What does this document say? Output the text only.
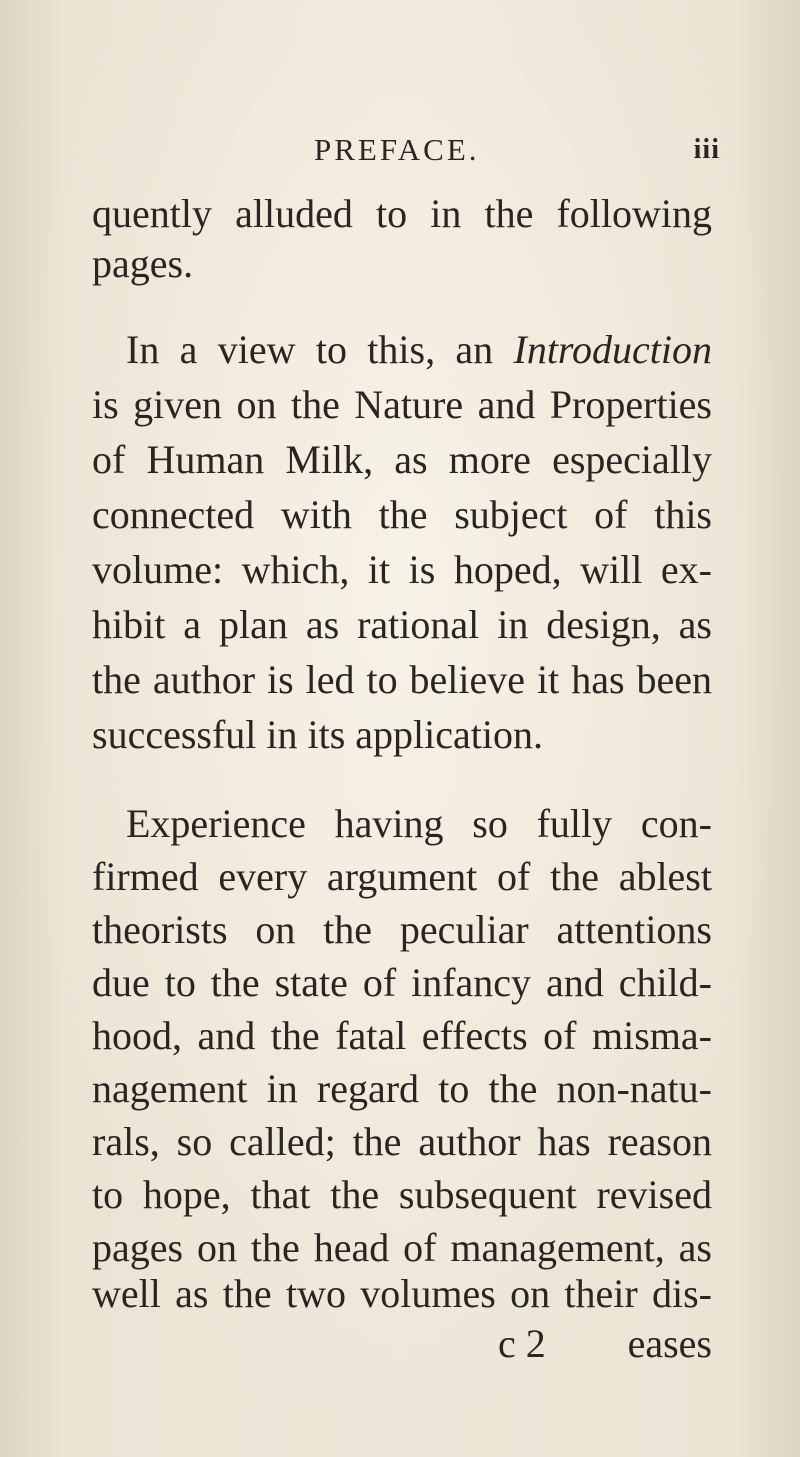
PREFACE.	iii
quently alluded to in the following
pages.
In a view to this, an Introduction
is given on the Nature and Properties
of Human Milk, as more especially
connected with the subject of this
volume: which, it is hoped, will ex-
hibit a plan as rational in design, as
the author is led to believe it has been
successful in its application.
Experience having so fully con-
firmed every argument of the ablest
theorists on the peculiar attentions
due to the state of infancy and child-
hood, and the fatal effects of misma-
nagement in regard to the non-natu-
rals, so called; the author has reason
to hope, that the subsequent revised
pages on the head of management, as
well as the two volumes on their dis-
c 2 eases
